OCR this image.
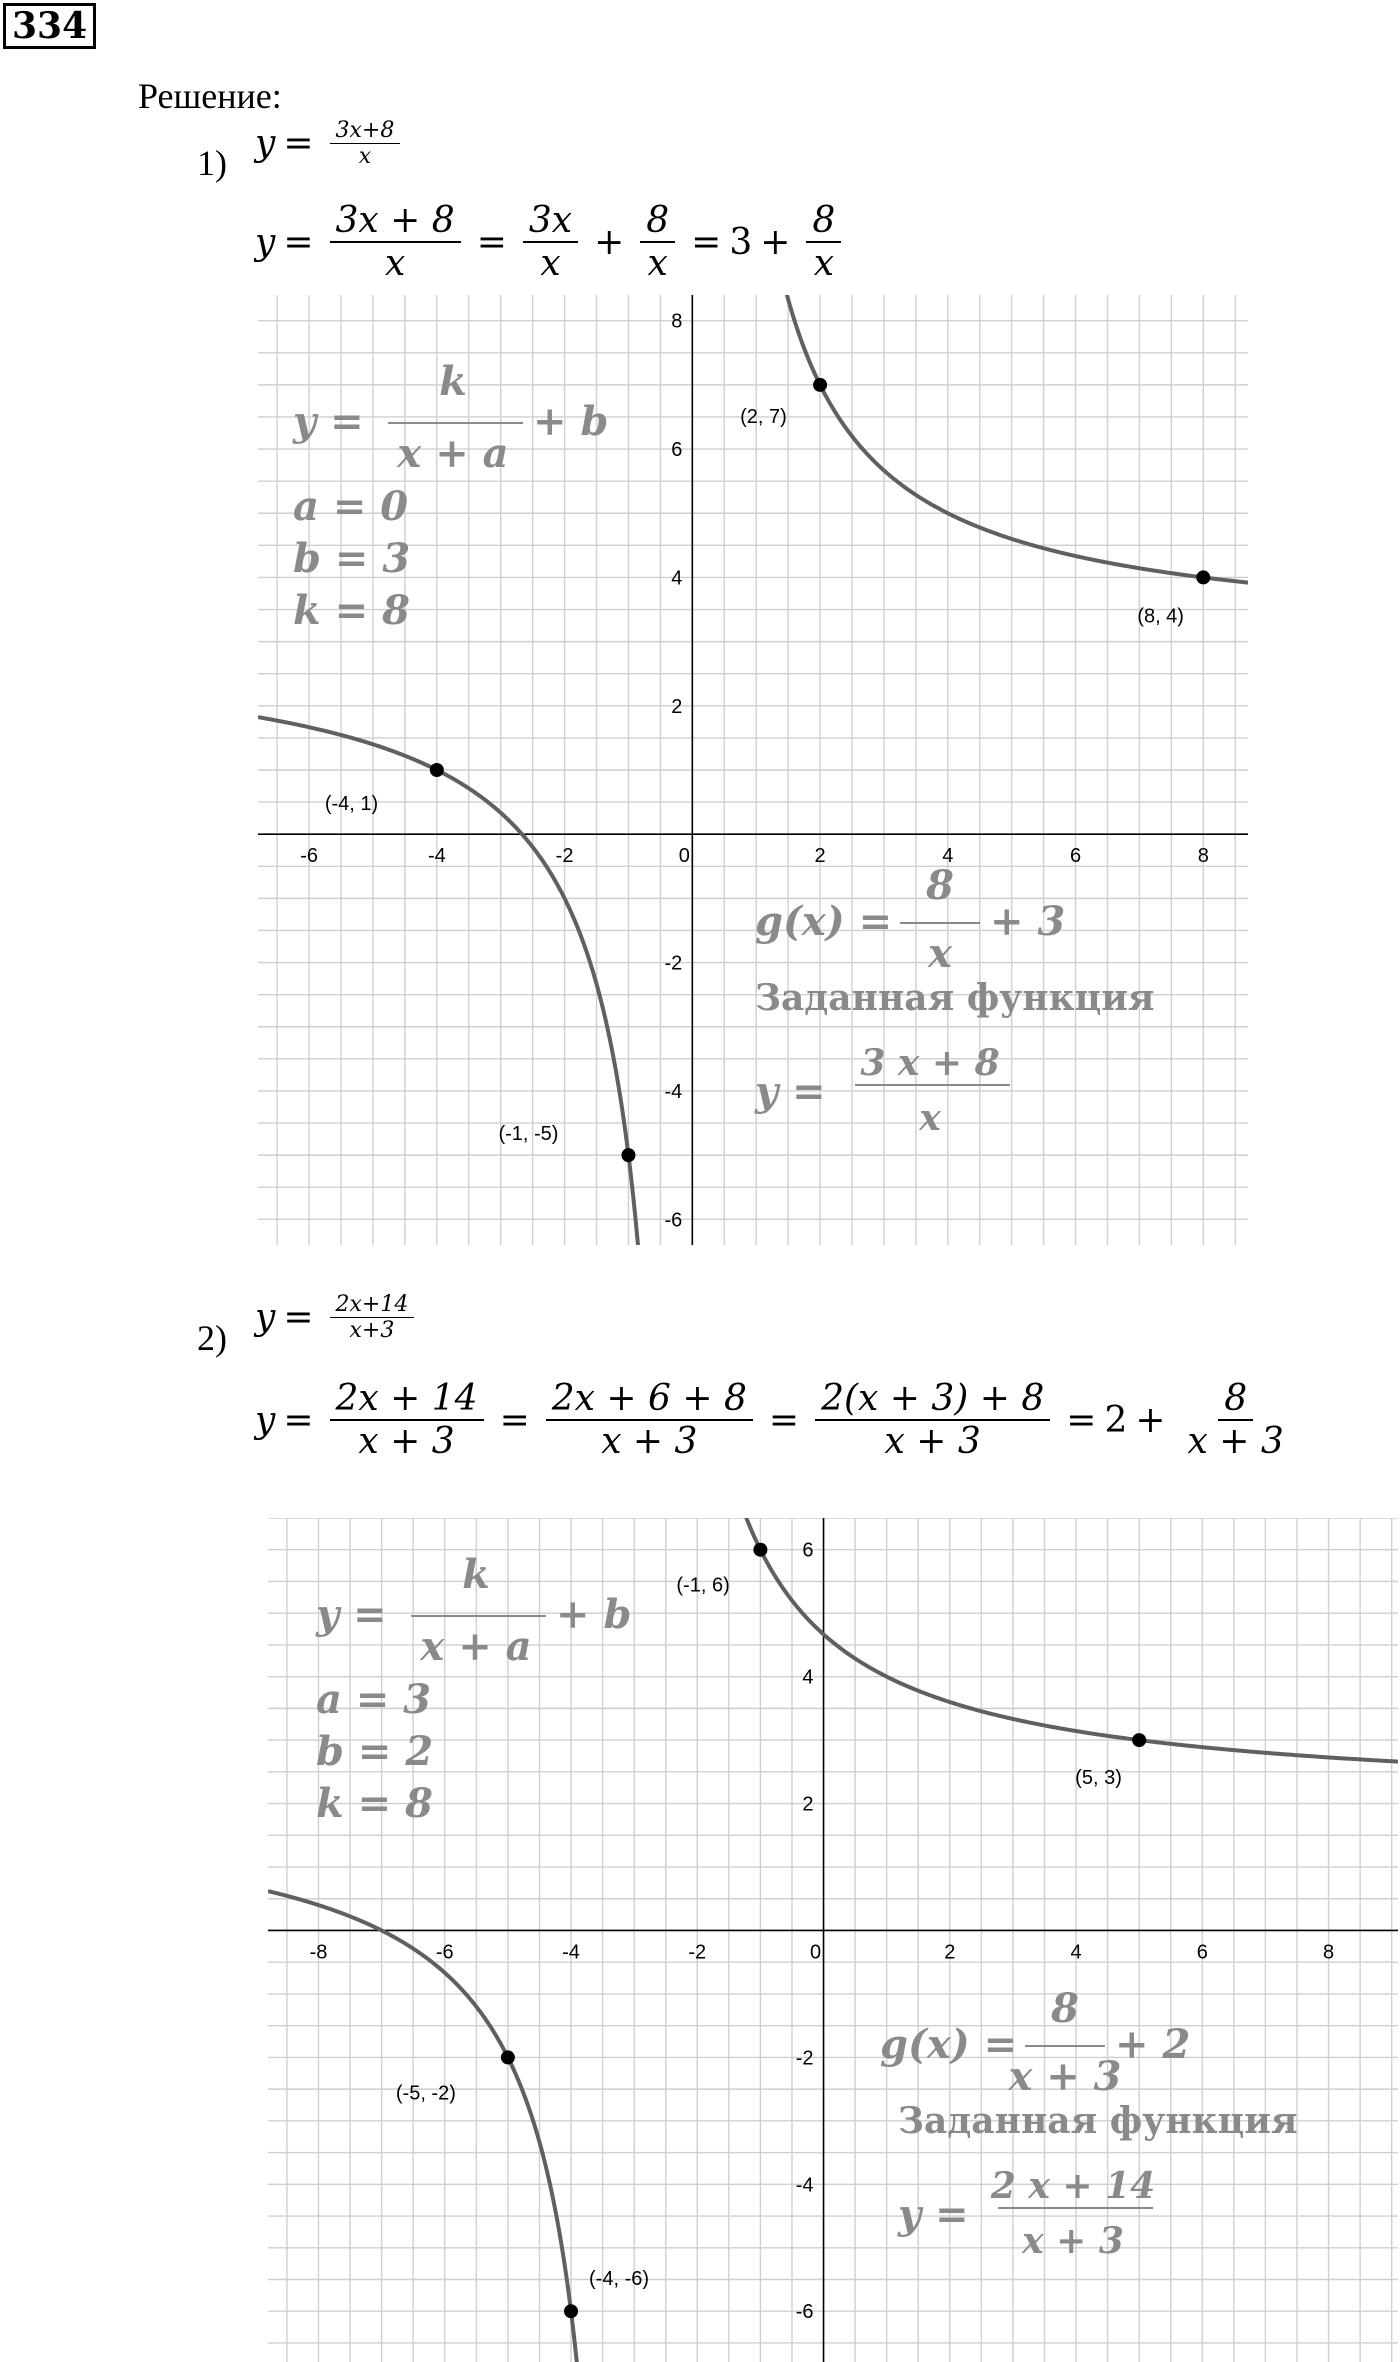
334
Решение:
1) $y = \frac{3x+8}{x}$
$y = \frac{3x + 8}{x} = \frac{3x}{x} + \frac{8}{x} = 3 + \frac{8}{x}$
-6	-4	-2	0	2	4	6	8
-6
-4
-2
2
4
6
8
(2, 7)
(8, 4)
(-4, 1)
(-1, -5)
y =
k
x + a
+ b
a = 0
b = 3
k = 8
g(x) =
8
x
+ 3
Заданная функция
y =
3 x + 8
x
2) $y = \frac{2x+14}{x+3}$
$y = \frac{2x + 14}{x + 3} = \frac{2x + 6 + 8}{x + 3} = \frac{2(x + 3) + 8}{x + 3} = 2 + \frac{8}{x + 3}$
-8	-6	-4	-2	0	2	4	6	8
-6
-4
-2
2
4
6
(-1, 6)
(5, 3)
(-5, -2)
(-4, -6)
y =
k
x + a
+ b
a = 3
b = 2
k = 8
g(x) =
8
x + 3
+ 2
Заданная функция
y =
2 x + 14
x + 3
